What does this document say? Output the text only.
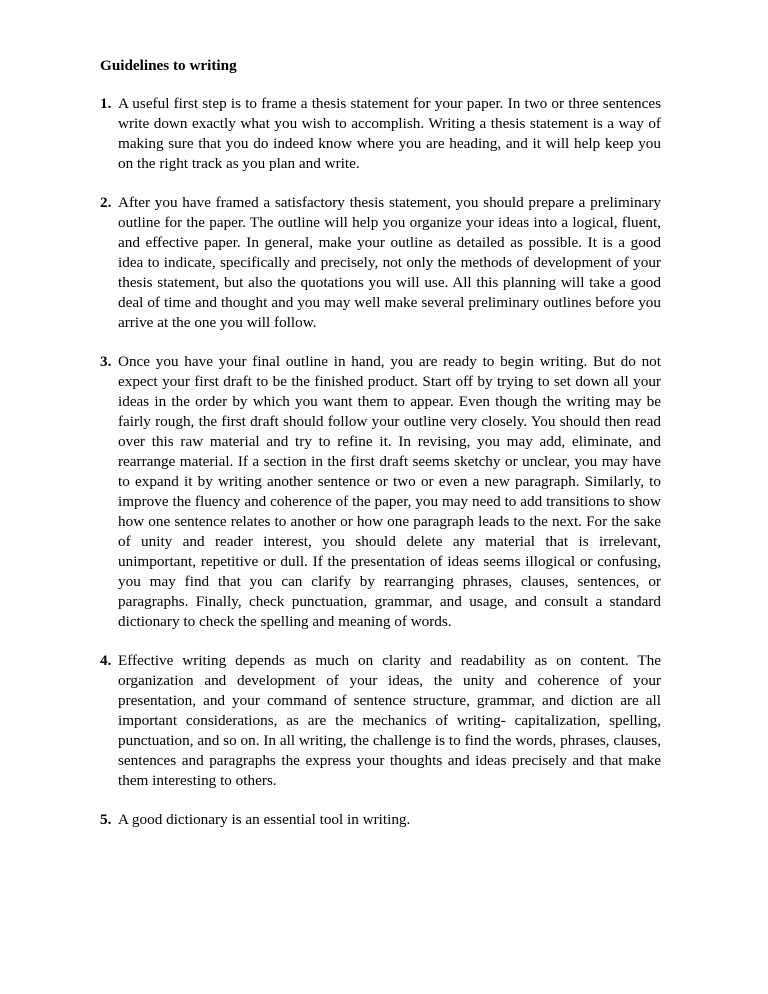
Guidelines to writing
1. A useful first step is to frame a thesis statement for your paper. In two or three sentences write down exactly what you wish to accomplish. Writing a thesis statement is a way of making sure that you do indeed know where you are heading, and it will help keep you on the right track as you plan and write.
2. After you have framed a satisfactory thesis statement, you should prepare a preliminary outline for the paper. The outline will help you organize your ideas into a logical, fluent, and effective paper. In general, make your outline as detailed as possible. It is a good idea to indicate, specifically and precisely, not only the methods of development of your thesis statement, but also the quotations you will use. All this planning will take a good deal of time and thought and you may well make several preliminary outlines before you arrive at the one you will follow.
3. Once you have your final outline in hand, you are ready to begin writing. But do not expect your first draft to be the finished product. Start off by trying to set down all your ideas in the order by which you want them to appear. Even though the writing may be fairly rough, the first draft should follow your outline very closely. You should then read over this raw material and try to refine it. In revising, you may add, eliminate, and rearrange material. If a section in the first draft seems sketchy or unclear, you may have to expand it by writing another sentence or two or even a new paragraph. Similarly, to improve the fluency and coherence of the paper, you may need to add transitions to show how one sentence relates to another or how one paragraph leads to the next. For the sake of unity and reader interest, you should delete any material that is irrelevant, unimportant, repetitive or dull. If the presentation of ideas seems illogical or confusing, you may find that you can clarify by rearranging phrases, clauses, sentences, or paragraphs. Finally, check punctuation, grammar, and usage, and consult a standard dictionary to check the spelling and meaning of words.
4. Effective writing depends as much on clarity and readability as on content. The organization and development of your ideas, the unity and coherence of your presentation, and your command of sentence structure, grammar, and diction are all important considerations, as are the mechanics of writing- capitalization, spelling, punctuation, and so on. In all writing, the challenge is to find the words, phrases, clauses, sentences and paragraphs the express your thoughts and ideas precisely and that make them interesting to others.
5. A good dictionary is an essential tool in writing.
